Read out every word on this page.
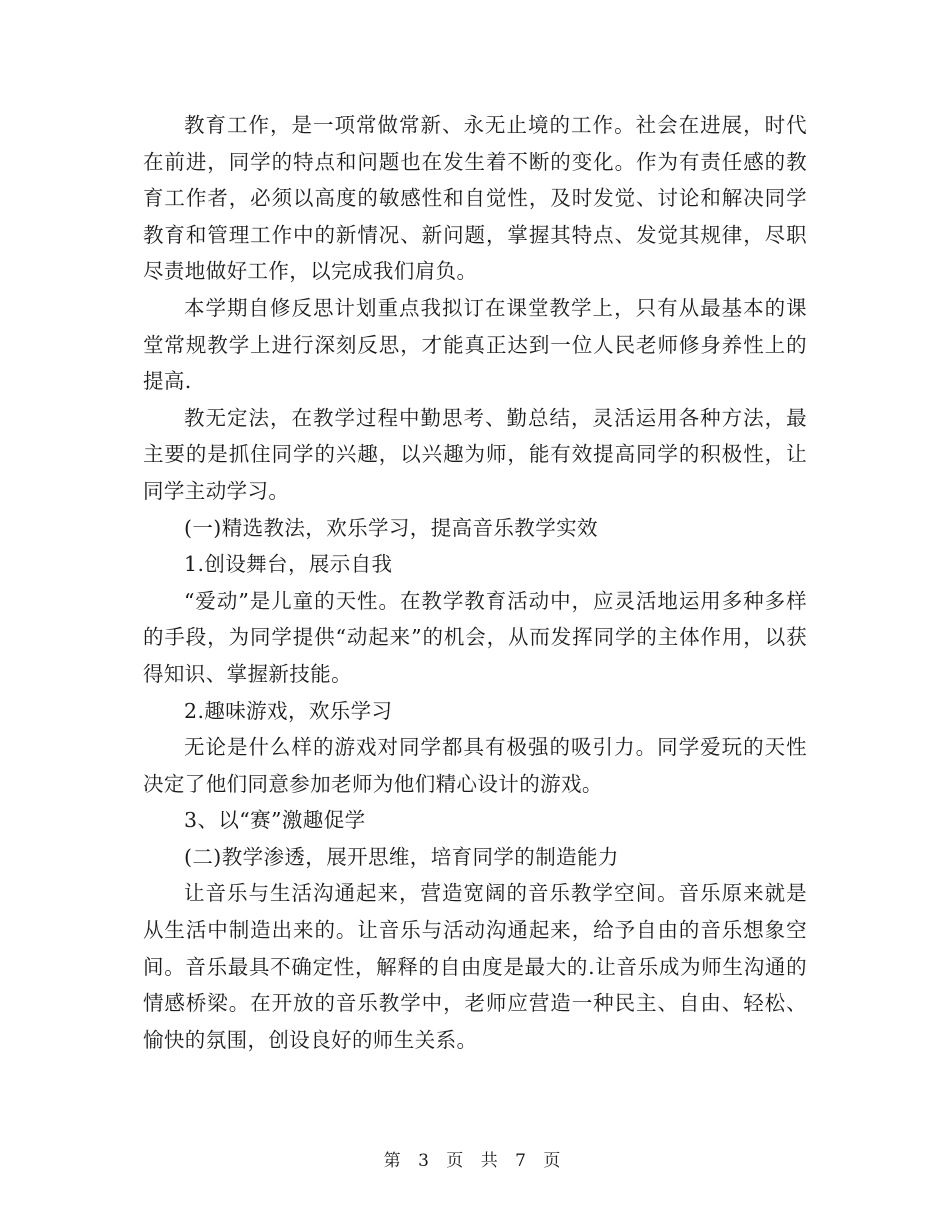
教育工作，是一项常做常新、永无止境的工作。社会在进展，时代在前进，同学的特点和问题也在发生着不断的变化。作为有责任感的教育工作者，必须以高度的敏感性和自觉性，及时发觉、讨论和解决同学教育和管理工作中的新情况、新问题，掌握其特点、发觉其规律，尽职尽责地做好工作，以完成我们肩负。

本学期自修反思计划重点我拟订在课堂教学上，只有从最基本的课堂常规教学上进行深刻反思，才能真正达到一位人民老师修身养性上的提高.

教无定法，在教学过程中勤思考、勤总结，灵活运用各种方法，最主要的是抓住同学的兴趣，以兴趣为师，能有效提高同学的积极性，让同学主动学习。

(一)精选教法，欢乐学习，提高音乐教学实效

1.创设舞台，展示自我

“爱动”是儿童的天性。在教学教育活动中，应灵活地运用多种多样的手段，为同学提供“动起来”的机会，从而发挥同学的主体作用，以获得知识、掌握新技能。

2.趣味游戏，欢乐学习

无论是什么样的游戏对同学都具有极强的吸引力。同学爱玩的天性决定了他们同意参加老师为他们精心设计的游戏。

3、以“赛”激趣促学

(二)教学渗透，展开思维，培育同学的制造能力

让音乐与生活沟通起来，营造宽阔的音乐教学空间。音乐原来就是从生活中制造出来的。让音乐与活动沟通起来，给予自由的音乐想象空间。音乐最具不确定性，解释的自由度是最大的.让音乐成为师生沟通的情感桥梁。在开放的音乐教学中，老师应营造一种民主、自由、轻松、愉快的氛围，创设良好的师生关系。

第 3 页 共 7 页
